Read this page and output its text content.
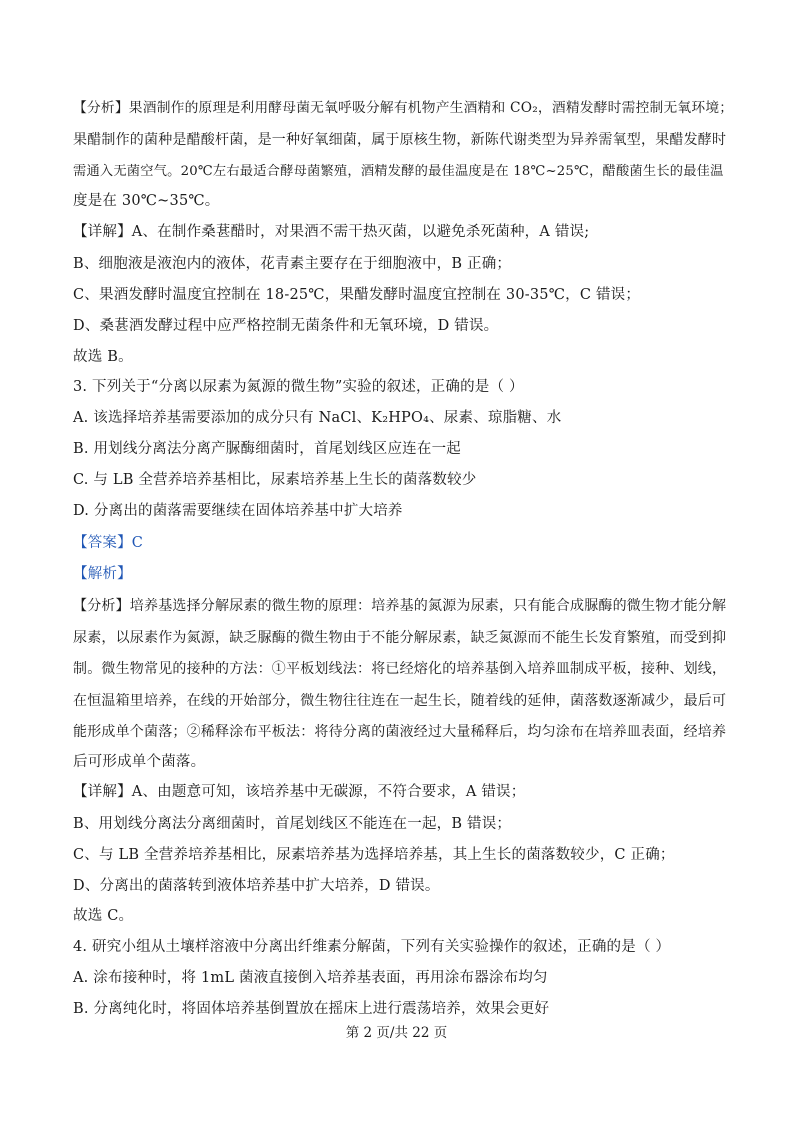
【分析】果酒制作的原理是利用酵母菌无氧呼吸分解有机物产生酒精和 CO₂，酒精发酵时需控制无氧环境；
果醋制作的菌种是醋酸杆菌，是一种好氧细菌，属于原核生物，新陈代谢类型为异养需氧型，果醋发酵时
需通入无菌空气。20℃左右最适合酵母菌繁殖，酒精发酵的最佳温度是在 18℃~25℃，醋酸菌生长的最佳温
度是在 30℃~35℃。
【详解】A、在制作桑葚醋时，对果酒不需干热灭菌，以避免杀死菌种，A 错误;
B、细胞液是液泡内的液体，花青素主要存在于细胞液中，B 正确；
C、果酒发酵时温度宜控制在 18-25℃，果醋发酵时温度宜控制在 30-35℃，C 错误；
D、桑葚酒发酵过程中应严格控制无菌条件和无氧环境，D 错误。
故选 B。
3. 下列关于“分离以尿素为氮源的微生物”实验的叙述，正确的是（ ）
A. 该选择培养基需要添加的成分只有 NaCl、K₂HPO₄、尿素、琼脂糖、水
B. 用划线分离法分离产脲酶细菌时，首尾划线区应连在一起
C. 与 LB 全营养培养基相比，尿素培养基上生长的菌落数较少
D. 分离出的菌落需要继续在固体培养基中扩大培养
【答案】C
【解析】
【分析】培养基选择分解尿素的微生物的原理：培养基的氮源为尿素，只有能合成脲酶的微生物才能分解
尿素，以尿素作为氮源，缺乏脲酶的微生物由于不能分解尿素，缺乏氮源而不能生长发育繁殖，而受到抑
制。微生物常见的接种的方法：①平板划线法：将已经熔化的培养基倒入培养皿制成平板，接种、划线，
在恒温箱里培养，在线的开始部分，微生物往往连在一起生长，随着线的延伸，菌落数逐渐减少，最后可
能形成单个菌落；②稀释涂布平板法：将待分离的菌液经过大量稀释后，均匀涂布在培养皿表面，经培养
后可形成单个菌落。
【详解】A、由题意可知，该培养基中无碳源，不符合要求，A 错误；
B、用划线分离法分离细菌时，首尾划线区不能连在一起，B 错误；
C、与 LB 全营养培养基相比，尿素培养基为选择培养基，其上生长的菌落数较少，C 正确；
D、分离出的菌落转到液体培养基中扩大培养，D 错误。
故选 C。
4. 研究小组从土壤样溶液中分离出纤维素分解菌，下列有关实验操作的叙述，正确的是（ ）
A. 涂布接种时，将 1mL 菌液直接倒入培养基表面，再用涂布器涂布均匀
B. 分离纯化时，将固体培养基倒置放在摇床上进行震荡培养，效果会更好
第 2 页/共 22 页
